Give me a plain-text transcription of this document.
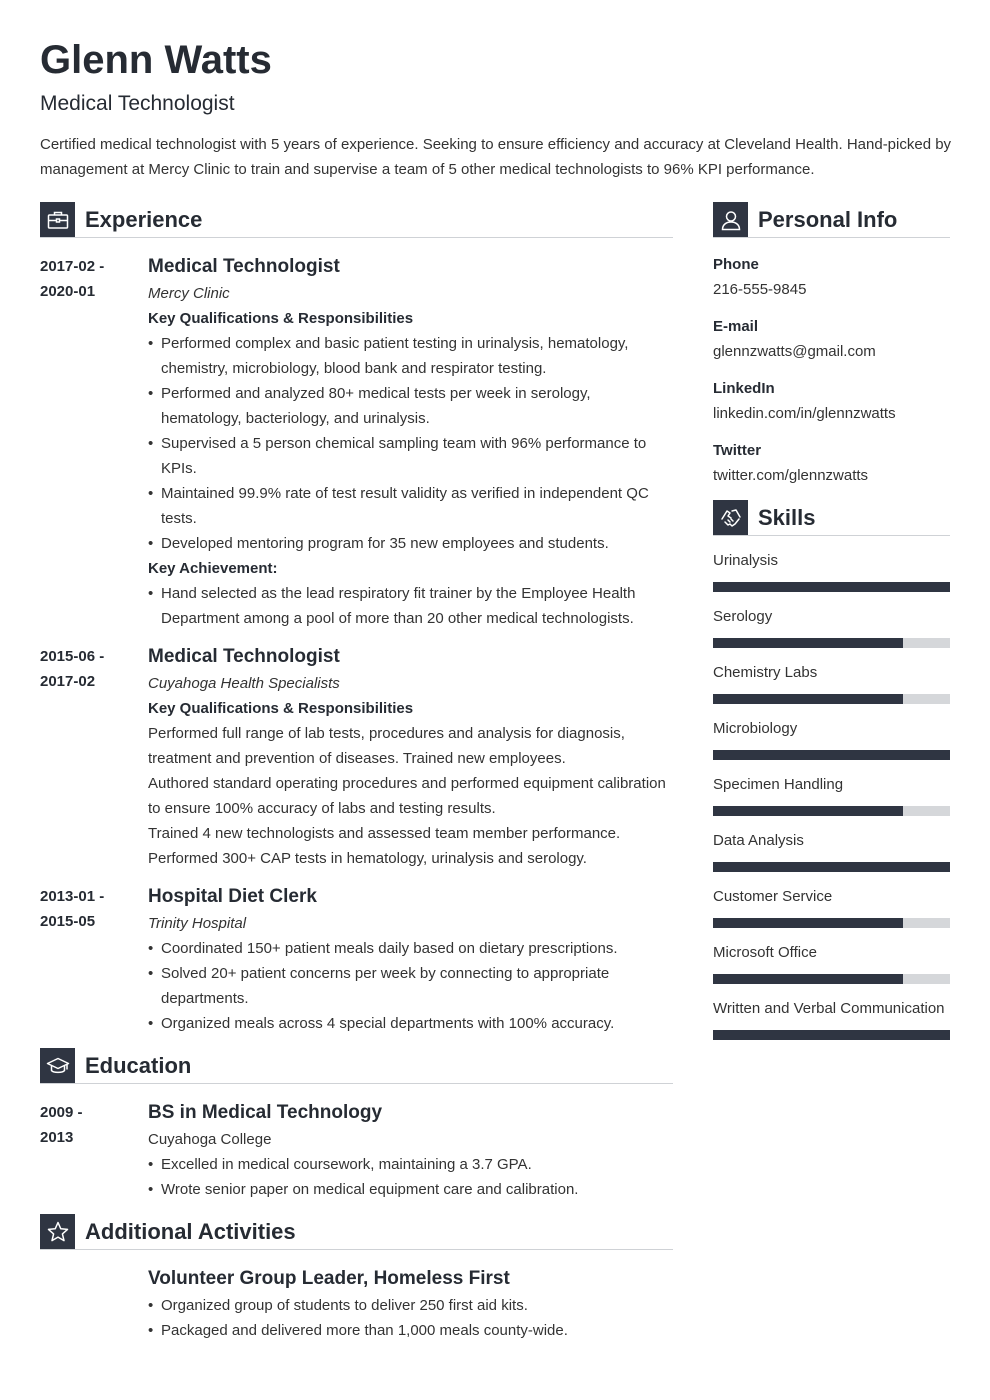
Glenn Watts
Medical Technologist
Certified medical technologist with 5 years of experience. Seeking to ensure efficiency and accuracy at Cleveland Health. Hand-picked by management at Mercy Clinic to train and supervise a team of 5 other medical technologists to 96% KPI performance.
Experience
2017-02 -
2020-01
Medical Technologist
Mercy Clinic
Key Qualifications & Responsibilities
• Performed complex and basic patient testing in urinalysis, hematology, chemistry, microbiology, blood bank and respirator testing.
• Performed and analyzed 80+ medical tests per week in serology, hematology, bacteriology, and urinalysis.
• Supervised a 5 person chemical sampling team with 96% performance to KPIs.
• Maintained 99.9% rate of test result validity as verified in independent QC tests.
• Developed mentoring program for 35 new employees and students.
Key Achievement:
• Hand selected as the lead respiratory fit trainer by the Employee Health Department among a pool of more than 20 other medical technologists.
2015-06 -
2017-02
Medical Technologist
Cuyahoga Health Specialists
Key Qualifications & Responsibilities
Performed full range of lab tests, procedures and analysis for diagnosis, treatment and prevention of diseases. Trained new employees.
Authored standard operating procedures and performed equipment calibration to ensure 100% accuracy of labs and testing results.
Trained 4 new technologists and assessed team member performance.
Performed 300+ CAP tests in hematology, urinalysis and serology.
2013-01 -
2015-05
Hospital Diet Clerk
Trinity Hospital
• Coordinated 150+ patient meals daily based on dietary prescriptions.
• Solved 20+ patient concerns per week by connecting to appropriate departments.
• Organized meals across 4 special departments with 100% accuracy.
Education
2009 -
2013
BS in Medical Technology
Cuyahoga College
• Excelled in medical coursework, maintaining a 3.7 GPA.
• Wrote senior paper on medical equipment care and calibration.
Additional Activities
Volunteer Group Leader, Homeless First
• Organized group of students to deliver 250 first aid kits.
• Packaged and delivered more than 1,000 meals county-wide.
Personal Info
Phone
216-555-9845
E-mail
glennzwatts@gmail.com
LinkedIn
linkedin.com/in/glennzwatts
Twitter
twitter.com/glennzwatts
Skills
Urinalysis
Serology
Chemistry Labs
Microbiology
Specimen Handling
Data Analysis
Customer Service
Microsoft Office
Written and Verbal Communication
